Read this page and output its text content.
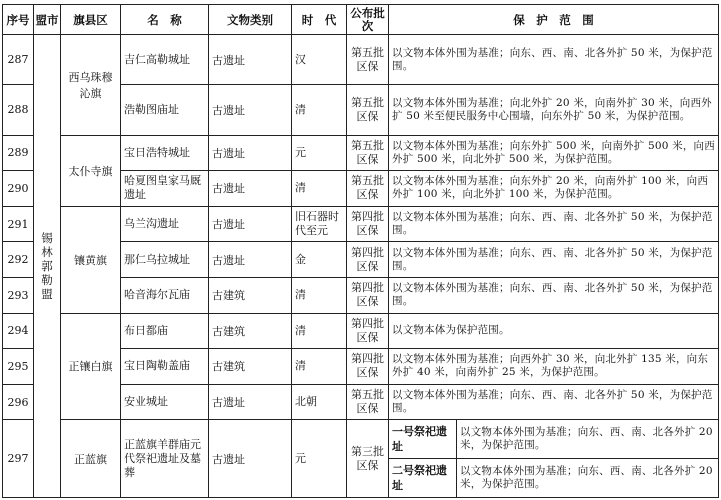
序号	盟市	旗县区	名　称	文物类别	时　代	公布批次	保　护　范　围	
287	锡林郭勒盟	西乌珠穆沁旗	吉仁高勒城址	古遗址	汉	第五批区保	以文物本体外围为基准；向东、西、南、北各外扩 50 米，为保护范围。	
288			浩勒图庙址	古遗址	清	第五批区保	以文物本体外围为基准；向北外扩 20 米，向南外扩 30 米，向西外扩 50 米至便民服务中心围墙，向东外扩 50 米，为保护范围。	
289		太仆寺旗	宝日浩特城址	古遗址	元	第五批区保	以文物本体外围为基准；向东外扩 500 米，向南外扩 500 米，向西外扩 500 米，向北外扩 500 米，为保护范围。	
290			哈夏图皇家马厩遗址	古遗址	清	第五批区保	以文物本体外围为基准；向东外扩 20 米，向南外扩 100 米，向西外扩 100 米，向北外扩 100 米，为保护范围。	
291		镶黄旗	乌兰沟遗址	古遗址	旧石器时代至元	第四批区保	以文物本体外围为基准；向东、西、南、北各外扩 50 米，为保护范围。	
292			那仁乌拉城址	古遗址	金	第四批区保	以文物本体外围为基准；向东、西、南、北各外扩 50 米，为保护范围。	
293			哈音海尔瓦庙	古建筑	清	第四批区保	以文物本体外围为基准；向东、西、南、北各外扩 50 米，为保护范围。	
294		正镶白旗	布日都庙	古建筑	清	第四批区保	以文物本体为保护范围。	
295			宝日陶勒盖庙	古建筑	清	第四批区保	以文物本体外围为基准；向西外扩 30 米，向北外扩 135 米，向东外扩 40 米，向南外扩 25 米，为保护范围。	
296			安业城址	古遗址	北朝	第五批区保	以文物本体外围为基准；向东、西、南、北各外扩 50 米，为保护范围。	
297		正蓝旗	正蓝旗羊群庙元代祭祀遗址及墓葬	古遗址	元	第三批区保	一号祭祀遗址	以文物本体外围为基准；向东、西、南、北各外扩 20 米，为保护范围。
							二号祭祀遗址	以文物本体外围为基准；向东、西、南、北各外扩 20 米，为保护范围。
